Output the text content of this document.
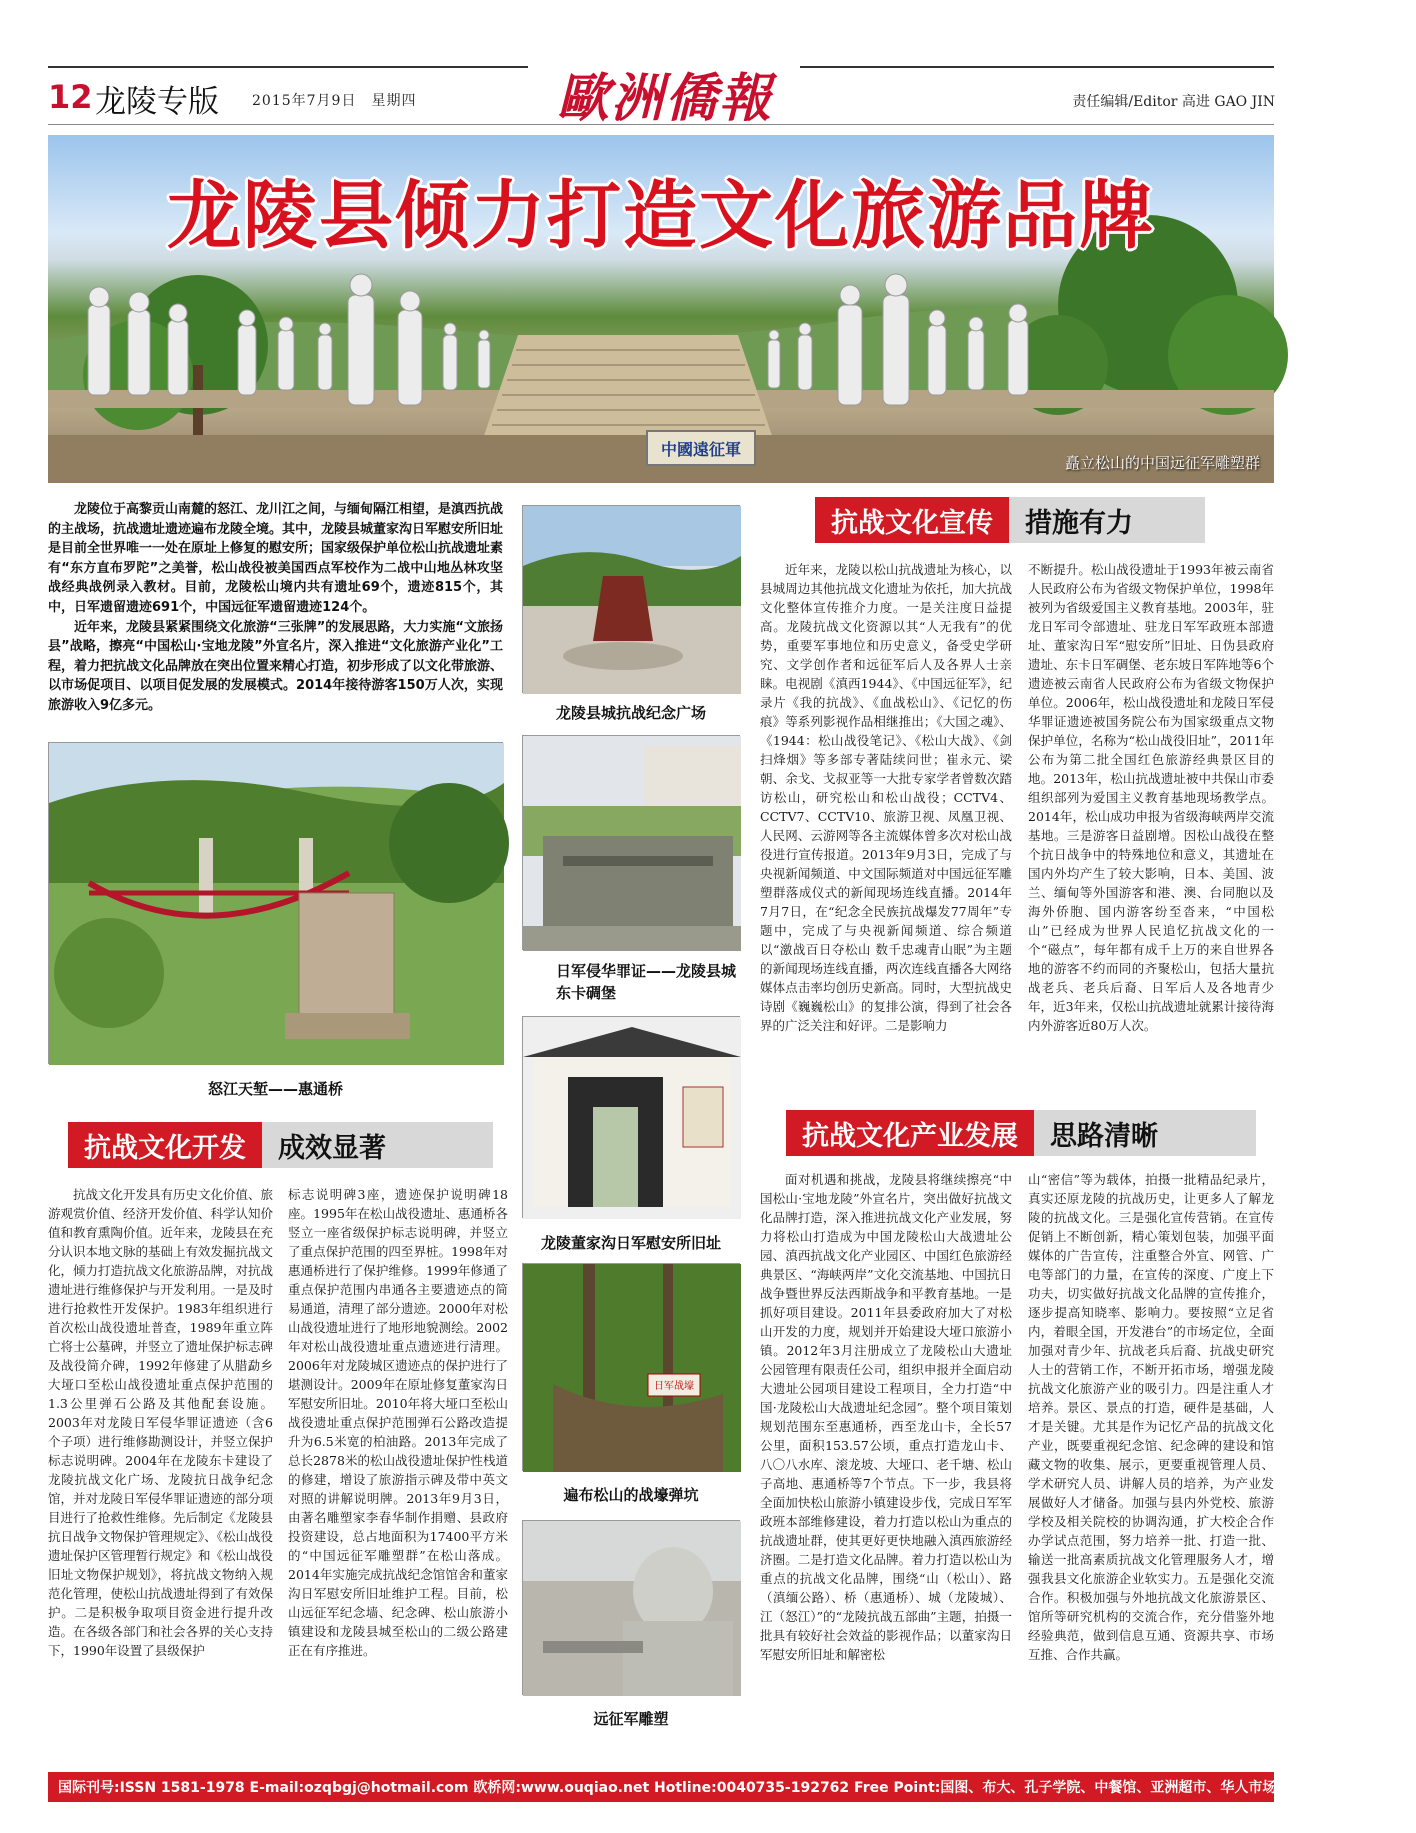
12 龙陵专版 2015年7月9日　星期四	歐洲僑報	责任编辑/Editor 高进 GAO JIN
龙陵县倾力打造文化旅游品牌
中國遠征軍
矗立松山的中国远征军雕塑群

龙陵位于高黎贡山南麓的怒江、龙川江之间，与缅甸隔江相望，是滇西抗战的主战场，抗战遗址遗迹遍布龙陵全境。其中，龙陵县城董家沟日军慰安所旧址是目前全世界唯一一处在原址上修复的慰安所；国家级保护单位松山抗战遗址素有“东方直布罗陀”之美誉，松山战役被美国西点军校作为二战中山地丛林攻坚战经典战例录入教材。目前，龙陵松山境内共有遗址69个，遗迹815个，其中，日军遗留遗迹691个，中国远征军遗留遗迹124个。

近年来，龙陵县紧紧围绕文化旅游“三张牌”的发展思路，大力实施“文旅扬县”战略，擦亮“中国松山·宝地龙陵”外宣名片，深入推进“文化旅游产业化”工程，着力把抗战文化品牌放在突出位置来精心打造，初步形成了以文化带旅游、以市场促项目、以项目促发展的发展模式。2014年接待游客150万人次，实现旅游收入9亿多元。

怒江天堑——惠通桥
龙陵县城抗战纪念广场
日军侵华罪证——龙陵县城东卡碉堡
龙陵董家沟日军慰安所旧址
日军战壕
遍布松山的战壕弹坑
远征军雕塑
抗战文化宣传	措施有力
抗战文化开发	成效显著	抗战文化产业发展	思路清晰

近年来，龙陵以松山抗战遗址为核心，以县城周边其他抗战文化遗址为依托，加大抗战文化整体宣传推介力度。一是关注度日益提高。龙陵抗战文化资源以其“人无我有”的优势，重要军事地位和历史意义，备受史学研究、文学创作者和远征军后人及各界人士亲睐。电视剧《滇西1944》、《中国远征军》，纪录片《我的抗战》、《血战松山》、《记忆的伤痕》等系列影视作品相继推出；《大国之魂》、《1944：松山战役笔记》、《松山大战》、《剑扫烽烟》等多部专著陆续问世；崔永元、梁朝、余戈、戈叔亚等一大批专家学者曾数次踏访松山，研究松山和松山战役；CCTV4、CCTV7、CCTV10、旅游卫视、凤凰卫视、人民网、云游网等各主流媒体曾多次对松山战役进行宣传报道。2013年9月3日，完成了与央视新闻频道、中文国际频道对中国远征军雕塑群落成仪式的新闻现场连线直播。2014年7月7日，在“纪念全民族抗战爆发77周年”专题中，完成了与央视新闻频道、综合频道以“激战百日夺松山 数千忠魂青山眠”为主题的新闻现场连线直播，两次连线直播各大网络媒体点击率均创历史新高。同时，大型抗战史诗剧《巍巍松山》的复排公演，得到了社会各界的广泛关注和好评。二是影响力

不断提升。松山战役遗址于1993年被云南省人民政府公布为省级文物保护单位，1998年被列为省级爱国主义教育基地。2003年，驻龙日军司令部遗址、驻龙日军军政班本部遗址、董家沟日军“慰安所”旧址、日伪县政府遗址、东卡日军碉堡、老东坡日军阵地等6个遗迹被云南省人民政府公布为省级文物保护单位。2006年，松山战役遗址和龙陵日军侵华罪证遗迹被国务院公布为国家级重点文物保护单位，名称为“松山战役旧址”，2011年公布为第二批全国红色旅游经典景区目的地。2013年，松山抗战遗址被中共保山市委组织部列为爱国主义教育基地现场教学点。2014年，松山成功申报为省级海峡两岸交流基地。三是游客日益剧增。因松山战役在整个抗日战争中的特殊地位和意义，其遗址在国内外均产生了较大影响，日本、美国、波兰、缅甸等外国游客和港、澳、台同胞以及海外侨胞、国内游客纷至沓来，“中国松山”已经成为世界人民追忆抗战文化的一个“磁点”，每年都有成千上万的来自世界各地的游客不约而同的齐聚松山，包括大量抗战老兵、老兵后裔、日军后人及各地青少年，近3年来，仅松山抗战遗址就累计接待海内外游客近80万人次。

抗战文化开发具有历史文化价值、旅游观赏价值、经济开发价值、科学认知价值和教育熏陶价值。近年来，龙陵县在充分认识本地文脉的基础上有效发掘抗战文化，倾力打造抗战文化旅游品牌，对抗战遗址进行维修保护与开发利用。一是及时进行抢救性开发保护。1983年组织进行首次松山战役遗址普查，1989年重立阵亡将士公墓碑，并竖立了遗址保护标志碑及战役简介碑，1992年修建了从腊勐乡大垭口至松山战役遗址重点保护范围的1.3公里弹石公路及其他配套设施。2003年对龙陵日军侵华罪证遗迹（含6个子项）进行维修勘测设计，并竖立保护标志说明碑。2004年在龙陵东卡建设了龙陵抗战文化广场、龙陵抗日战争纪念馆，并对龙陵日军侵华罪证遗迹的部分项目进行了抢救性维修。先后制定《龙陵县抗日战争文物保护管理规定》、《松山战役遗址保护区管理暂行规定》和《松山战役旧址文物保护规划》，将抗战文物纳入规范化管理，使松山抗战遗址得到了有效保护。二是积极争取项目资金进行提升改造。在各级各部门和社会各界的关心支持下，1990年设置了县级保护

标志说明碑3座，遗迹保护说明碑18座。1995年在松山战役遗址、惠通桥各竖立一座省级保护标志说明碑，并竖立了重点保护范围的四至界桩。1998年对惠通桥进行了保护维修。1999年修通了重点保护范围内串通各主要遗迹点的简易通道，清理了部分遗迹。2000年对松山战役遗址进行了地形地貌测绘。2002年对松山战役遗址重点遗迹进行清理。2006年对龙陵城区遗迹点的保护进行了堪测设计。2009年在原址修复董家沟日军慰安所旧址。2010年将大垭口至松山战役遗址重点保护范围弹石公路改造提升为6.5米宽的柏油路。2013年完成了总长2878米的松山战役遗址保护性栈道的修建，增设了旅游指示碑及带中英文对照的讲解说明牌。2013年9月3日，由著名雕塑家李春华制作捐赠、县政府投资建设，总占地面积为17400平方米的“中国远征军雕塑群”在松山落成。2014年实施完成抗战纪念馆馆舍和董家沟日军慰安所旧址维护工程。目前，松山远征军纪念墙、纪念碑、松山旅游小镇建设和龙陵县城至松山的二级公路建正在有序推进。

面对机遇和挑战，龙陵县将继续擦亮“中国松山·宝地龙陵”外宣名片，突出做好抗战文化品牌打造，深入推进抗战文化产业发展，努力将松山打造成为中国龙陵松山大战遗址公园、滇西抗战文化产业园区、中国红色旅游经典景区、“海峡两岸”文化交流基地、中国抗日战争暨世界反法西斯战争和平教育基地。一是抓好项目建设。2011年县委政府加大了对松山开发的力度，规划并开始建设大垭口旅游小镇。2012年3月注册成立了龙陵松山大遗址公园管理有限责任公司，组织申报并全面启动大遗址公园项目建设工程项目，全力打造“中国·龙陵松山大战遗址纪念园”。整个项目策划规划范围东至惠通桥，西至龙山卡，全长57公里，面积153.57公顷，重点打造龙山卡、八〇八水库、滚龙坡、大垭口、老千塘、松山子高地、惠通桥等7个节点。下一步，我县将全面加快松山旅游小镇建设步伐，完成日军军政班本部维修建设，着力打造以松山为重点的抗战遗址群，使其更好更快地融入滇西旅游经济圈。二是打造文化品牌。着力打造以松山为重点的抗战文化品牌，围绕“山（松山）、路（滇缅公路）、桥（惠通桥）、城（龙陵城）、江（怒江）”的“龙陵抗战五部曲”主题，拍摄一批具有较好社会效益的影视作品；以董家沟日军慰安所旧址和解密松

山“密信”等为载体，拍摄一批精品纪录片，真实还原龙陵的抗战历史，让更多人了解龙陵的抗战文化。三是强化宣传营销。在宣传促销上不断创新，精心策划包装，加强平面媒体的广告宣传，注重整合外宣、网管、广电等部门的力量，在宣传的深度、广度上下功夫，切实做好抗战文化品牌的宣传推介，逐步提高知晓率、影响力。要按照“立足省内，着眼全国，开发港台”的市场定位，全面加强对青少年、抗战老兵后裔、抗战史研究人士的营销工作，不断开拓市场，增强龙陵抗战文化旅游产业的吸引力。四是注重人才培养。景区、景点的打造，硬件是基础，人才是关键。尤其是作为记忆产品的抗战文化产业，既要重视纪念馆、纪念碑的建设和馆藏文物的收集、展示，更要重视管理人员、学术研究人员、讲解人员的培养，为产业发展做好人才储备。加强与县内外党校、旅游学校及相关院校的协调沟通，扩大校企合作办学试点范围，努力培养一批、打造一批、输送一批高素质抗战文化管理服务人才，增强我县文化旅游企业软实力。五是强化交流合作。积极加强与外地抗战文化旅游景区、馆所等研究机构的交流合作，充分借鉴外地经验典范，做到信息互通、资源共享、市场互推、合作共赢。

国际刊号:ISSN 1581-1978 E-mail:ozqbgj@hotmail.com 欧桥网:www.ouqiao.net Hotline:0040735-192762 Free Point:国图、布大、孔子学院、中餐馆、亚洲超市、华人市场、各大中资机构、机场
